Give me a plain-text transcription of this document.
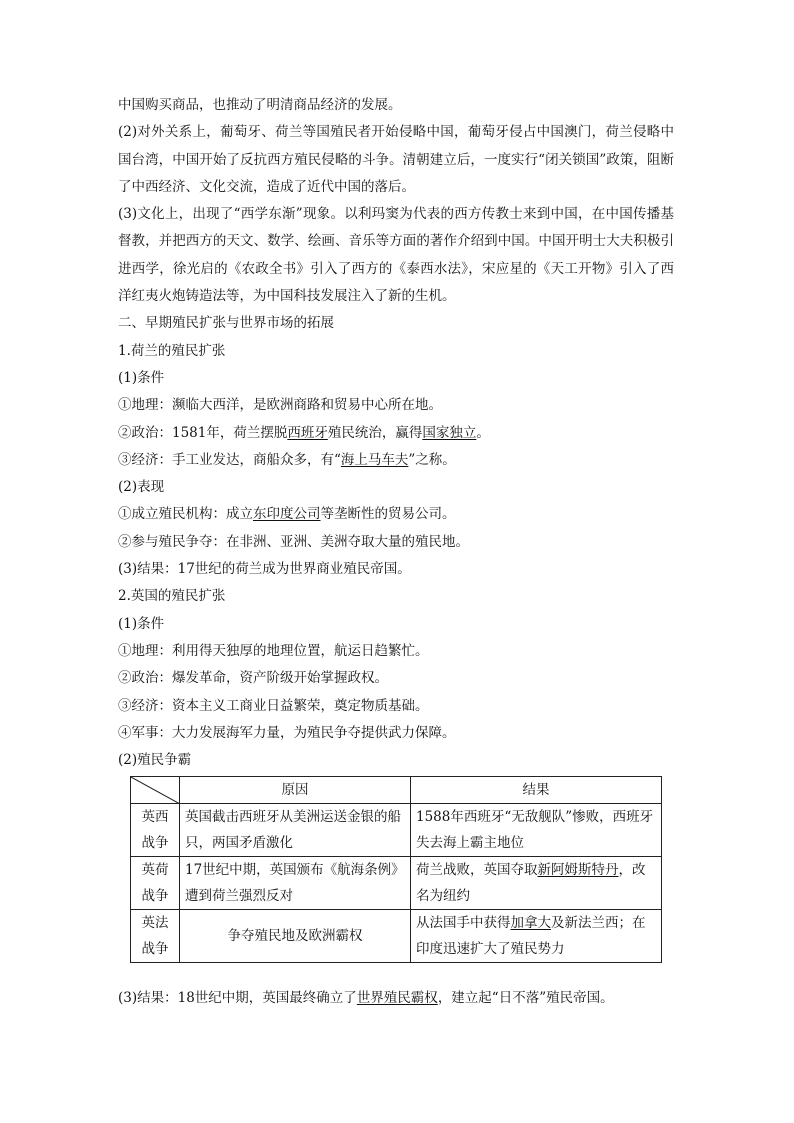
中国购买商品，也推动了明清商品经济的发展。
(2)对外关系上，葡萄牙、荷兰等国殖民者开始侵略中国，葡萄牙侵占中国澳门，荷兰侵略中国台湾，中国开始了反抗西方殖民侵略的斗争。清朝建立后，一度实行“闭关锁国”政策，阻断了中西经济、文化交流，造成了近代中国的落后。
(3)文化上，出现了“西学东渐”现象。以利玛窦为代表的西方传教士来到中国，在中国传播基督教，并把西方的天文、数学、绘画、音乐等方面的著作介绍到中国。中国开明士大夫积极引进西学，徐光启的《农政全书》引入了西方的《泰西水法》，宋应星的《天工开物》引入了西洋红夷火炮铸造法等，为中国科技发展注入了新的生机。
二、早期殖民扩张与世界市场的拓展
1.荷兰的殖民扩张
(1)条件
①地理：濒临大西洋，是欧洲商路和贸易中心所在地。
②政治：1581年，荷兰摆脱西班牙殖民统治，赢得国家独立。
③经济：手工业发达，商船众多，有“海上马车夫”之称。
(2)表现
①成立殖民机构：成立东印度公司等垄断性的贸易公司。
②参与殖民争夺：在非洲、亚洲、美洲夺取大量的殖民地。
(3)结果：17世纪的荷兰成为世界商业殖民帝国。
2.英国的殖民扩张
(1)条件
①地理：利用得天独厚的地理位置，航运日趋繁忙。
②政治：爆发革命，资产阶级开始掌握政权。
③经济：资本主义工商业日益繁荣，奠定物质基础。
④军事：大力发展海军力量，为殖民争夺提供武力保障。
(2)殖民争霸
	原因	结果
英西战争	英国截击西班牙从美洲运送金银的船只，两国矛盾激化	1588年西班牙“无敌舰队”惨败，西班牙失去海上霸主地位
英荷战争	17世纪中期，英国颁布《航海条例》遭到荷兰强烈反对	荷兰战败，英国夺取新阿姆斯特丹，改名为纽约
英法战争	争夺殖民地及欧洲霸权	从法国手中获得加拿大及新法兰西；在印度迅速扩大了殖民势力
(3)结果：18世纪中期，英国最终确立了世界殖民霸权，建立起“日不落”殖民帝国。
